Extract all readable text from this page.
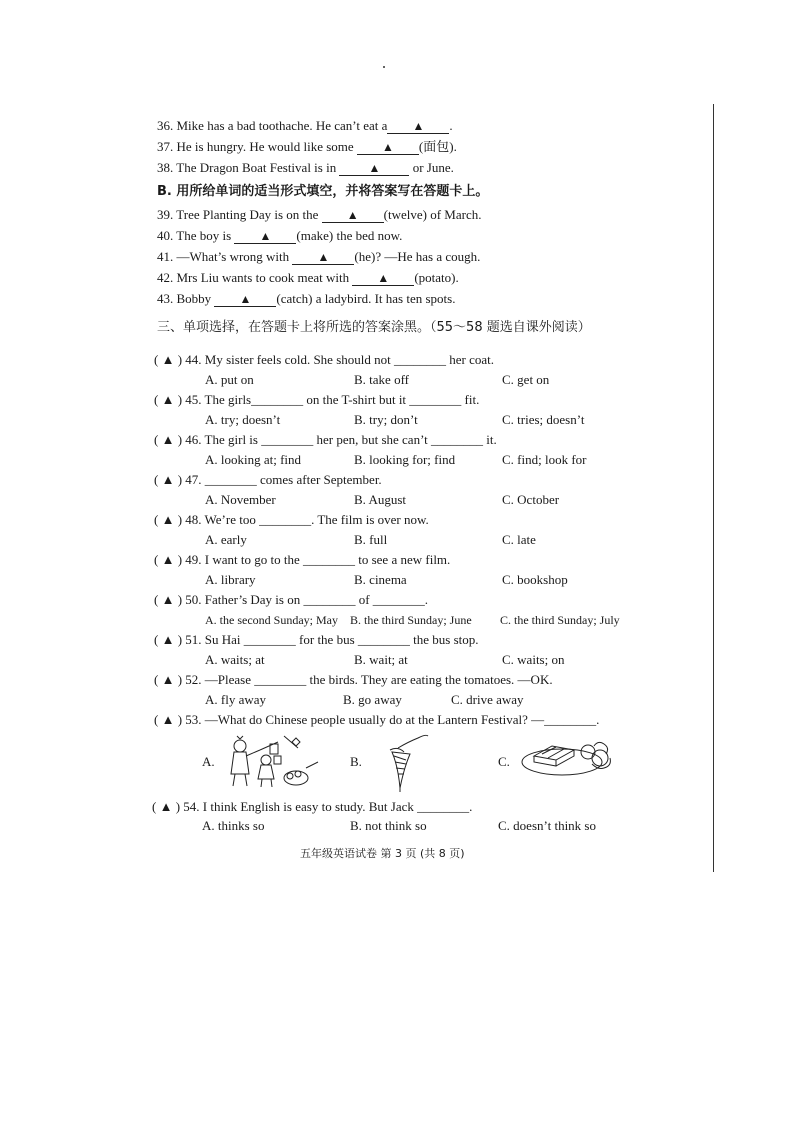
36. Mike has a bad toothache. He can’t eat a ▲ .
37. He is hungry. He would like some ▲ (面包).
38. The Dragon Boat Festival is in ▲ or June.
B. 用所给单词的适当形式填空，并将答案写在答题卡上。
39. Tree Planting Day is on the ▲ (twelve) of March.
40. The boy is ▲ (make) the bed now.
41. —What’s wrong with ▲ (he)? —He has a cough.
42. Mrs Liu wants to cook meat with ▲ (potato).
43. Bobby ▲ (catch) a ladybird. It has ten spots.
三、单项选择，在答题卡上将所选的答案涂黑。（55～58 题选自课外阅读）
( ▲ ) 44. My sister feels cold. She should not ________ her coat.
A. put on	B. take off	C. get on
( ▲ ) 45. The girls________ on the T-shirt but it ________ fit.
A. try; doesn’t	B. try; don’t	C. tries; doesn’t
( ▲ ) 46. The girl is ________ her pen, but she can’t ________ it.
A. looking at; find	B. looking for; find	C. find; look for
( ▲ ) 47. ________ comes after September.
A. November	B. August	C. October
( ▲ ) 48. We’re too ________. The film is over now.
A. early	B. full	C. late
( ▲ ) 49. I want to go to the ________ to see a new film.
A. library	B. cinema	C. bookshop
( ▲ ) 50. Father’s Day is on ________ of ________.
A. the second Sunday; May B. the third Sunday; June C. the third Sunday; July
( ▲ ) 51. Su Hai ________ for the bus ________ the bus stop.
A. waits; at	B. wait; at	C. waits; on
( ▲ ) 52. —Please ________ the birds. They are eating the tomatoes. —OK.
A. fly away	B. go away	C. drive away
( ▲ ) 53. —What do Chinese people usually do at the Lantern Festival? —________.
A.	B.	C.
( ▲ ) 54. I think English is easy to study. But Jack ________.
A. thinks so	B. not think so	C. doesn’t think so
五年级英语试卷 第 3 页 (共 8 页)
